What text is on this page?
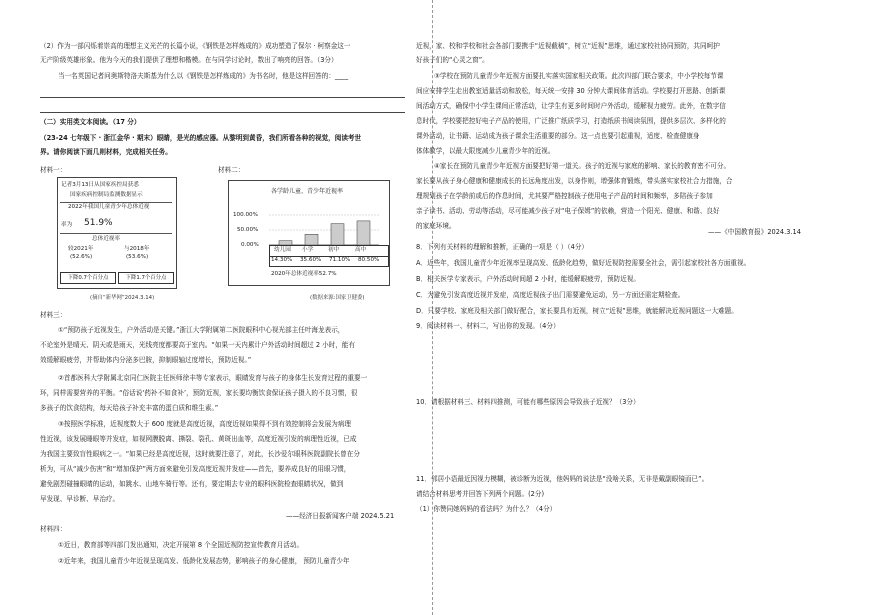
（2）作为一部闪烁着崇高的理想主义光芒的长篇小说，《钢铁是怎样炼成的》成功塑造了保尔 · 柯察金这一
无产阶级英雄形象。他为今天的我们提供了理想和楷模。在与同学讨论时，数出了响亮的回答。（3分）
当一名英国记者问奥斯特洛夫斯基为什么以《钢铁是怎样炼成的》为书名时，他是这样回答的：____
（二）实用类文本阅读。（17 分）
（23-24 七年级下 · 浙江金华 · 期末）眼睛，是光的感应器。从黎明到黄昏，我们所看各种的视觉，阅读考世
界。请你阅读下面几则材料，完成相关任务。
材料一：	材料二：
记者3月13日从国家疾控局获悉
国家疾病控制局监测数据显示
2022年我国儿童青少年总体近视
率为 51.9%
总体近视率
较2021年
(52.6%)
与2018年
(53.6%)
下降0.7个百分点	下降1.7个百分点
(摘自“新华网”2024.3.14)
各学龄儿童、青少年近视率
100.00%
50.00%
0.00%
幼儿园 小学	初中	高中
14.30% 35.60% 71.10% 80.50%
2020年总体近视率52.7%
(数据来源:国家卫健委)
材料三：
①“预防孩子近视发生，户外活动是关键。”浙江大学附属第二医院眼科中心视光部主任叶海龙表示，
不论室外是晴天、阴天或是雨天，光线亮度都要高于室内。“如果一天内累计户外活动时间超过 2 小时，能有
效缓解眼疲劳，并帮助体内分泌多巴胺，抑制眼轴过度增长，预防近视。”
②首都医科大学附属北京同仁医院主任医师徐丰等专家表示，眼睛发育与孩子的身体生长发育过程的重要一
环，同样需要营养的平衡。“俗话说‘药补不如食补’，预防近视，家长要均衡饮食保证孩子摄入的不良习惯，很
多孩子的饮食结构，每天给孩子补充丰富的蛋白质和维生素。”
③按照医学标准，近视度数大于 600 度就是高度近视，高度近视如果得不到有效控制将会发展为病理
性近视，该发展睡眼等并发症，如视网膜脱离、撕裂、裂孔、黄斑出血等，高度近视引发的病理性近视，已成
为我国主要致盲性眼病之一。“如果已经是高度近视，这时就要注意了，对此，长沙爱尔眼科医院副院长曾在分
析为，可从“减少伤害”和“增加保护”两方面来避免引发高度近视并发症——首先，要养成良好的用眼习惯，
避免剧烈碰撞眼睛的运动，如跳水、山地车骑行等。还有，要定期去专业的眼科医院检查眼睛状况，做到
早发现、早诊断、早治疗。
——经济日报新闻客户端 2024.5.21
材料四：
①近日，教育部等四部门发出通知，决定开展第 8 个全国近视防控宣传教育月活动。
②近年来，我国儿童青少年近视呈现高发、低龄化发展态势，影响孩子的身心健康， 预防儿童青少年
近视，家、校和学校和社会各部门要携手“近视截稿”，树立“近视”思维，通过家校社协同预防，共同呵护
好孩子们的“心灵之窗”。
③学校在预防儿童青少年近视方面要扎实落实国家相关政策。此次四部门联合要求，中小学校每节课
间应安排学生走出教室适量活动和放松，每天统一安排 30 分钟大课间体育活动。学校要打开思路、创新课
间活动方式，确保中小学生课间正常活动，让学生有更多时间时户外活动，缓解视力疲劳。此外，在数字信
息时代，学校要把控好电子产品的使用，广泛推广纸质学习，打造纸质书阅读氛围，提供多层次、多样化的
课外活动，让书籍、运动成为孩子课余生活重要的部分。这一点也要引起重视，适度、检查健康身
体体教学，以最大限度减少儿童青少年的近视。
④家长在预防儿童青少年近视方面要把好第一道关。孩子的近视与家庭的影响、家长的教育密不可分。
家长要从孩子身心健康和健康成长的长远角度出发，以身作则，增强体育锻炼，带头落实家校社合力措施，合
理规划孩子在学龄前或后的作息时间，尤其要严格控制孩子使用电子产品的时间和频率，多陪孩子参加
亲子读书、活动、劳动等活动，尽可能减少孩子对“电子保姆”的依赖，营造一个阳光、健康、和谐、良好
的家庭环境。
——《中国教育报》2024.3.14
8．下列有关材料的理解和推断，正确的一项是（ ）（4分）
A．近些年，我国儿童青少年近视率呈现高发、低龄化趋势，做好近视防控需要全社会，需引起家校社各方面重视。
B．相关医学专家表示，户外活动时间超 2 小时，能缓解眼疲劳，预防近视。
C．为避免引发高度近视并发症，高度近视孩子出门需要避免运动，另一方面还需定期检查。
D．只要学校、家庭及相关部门做好配合，家长要具有近视，树立“近视”思维，就能解决近视问题这一大难题。
9．阅读材料一、材料二，写出你的发现。（4分）
10．请根据材料三、材料四推测，可能有哪些原因会导致孩子近视？（3分）
11．邻居小语最近因视力模糊，被诊断为近视，他妈妈的说法是“没啥关系，无非是戴副眼镜而已”。
请结合材料思考并回答下列两个问题。(2分)
（1）你赞同她妈妈的看法吗？为什么？（4分）
